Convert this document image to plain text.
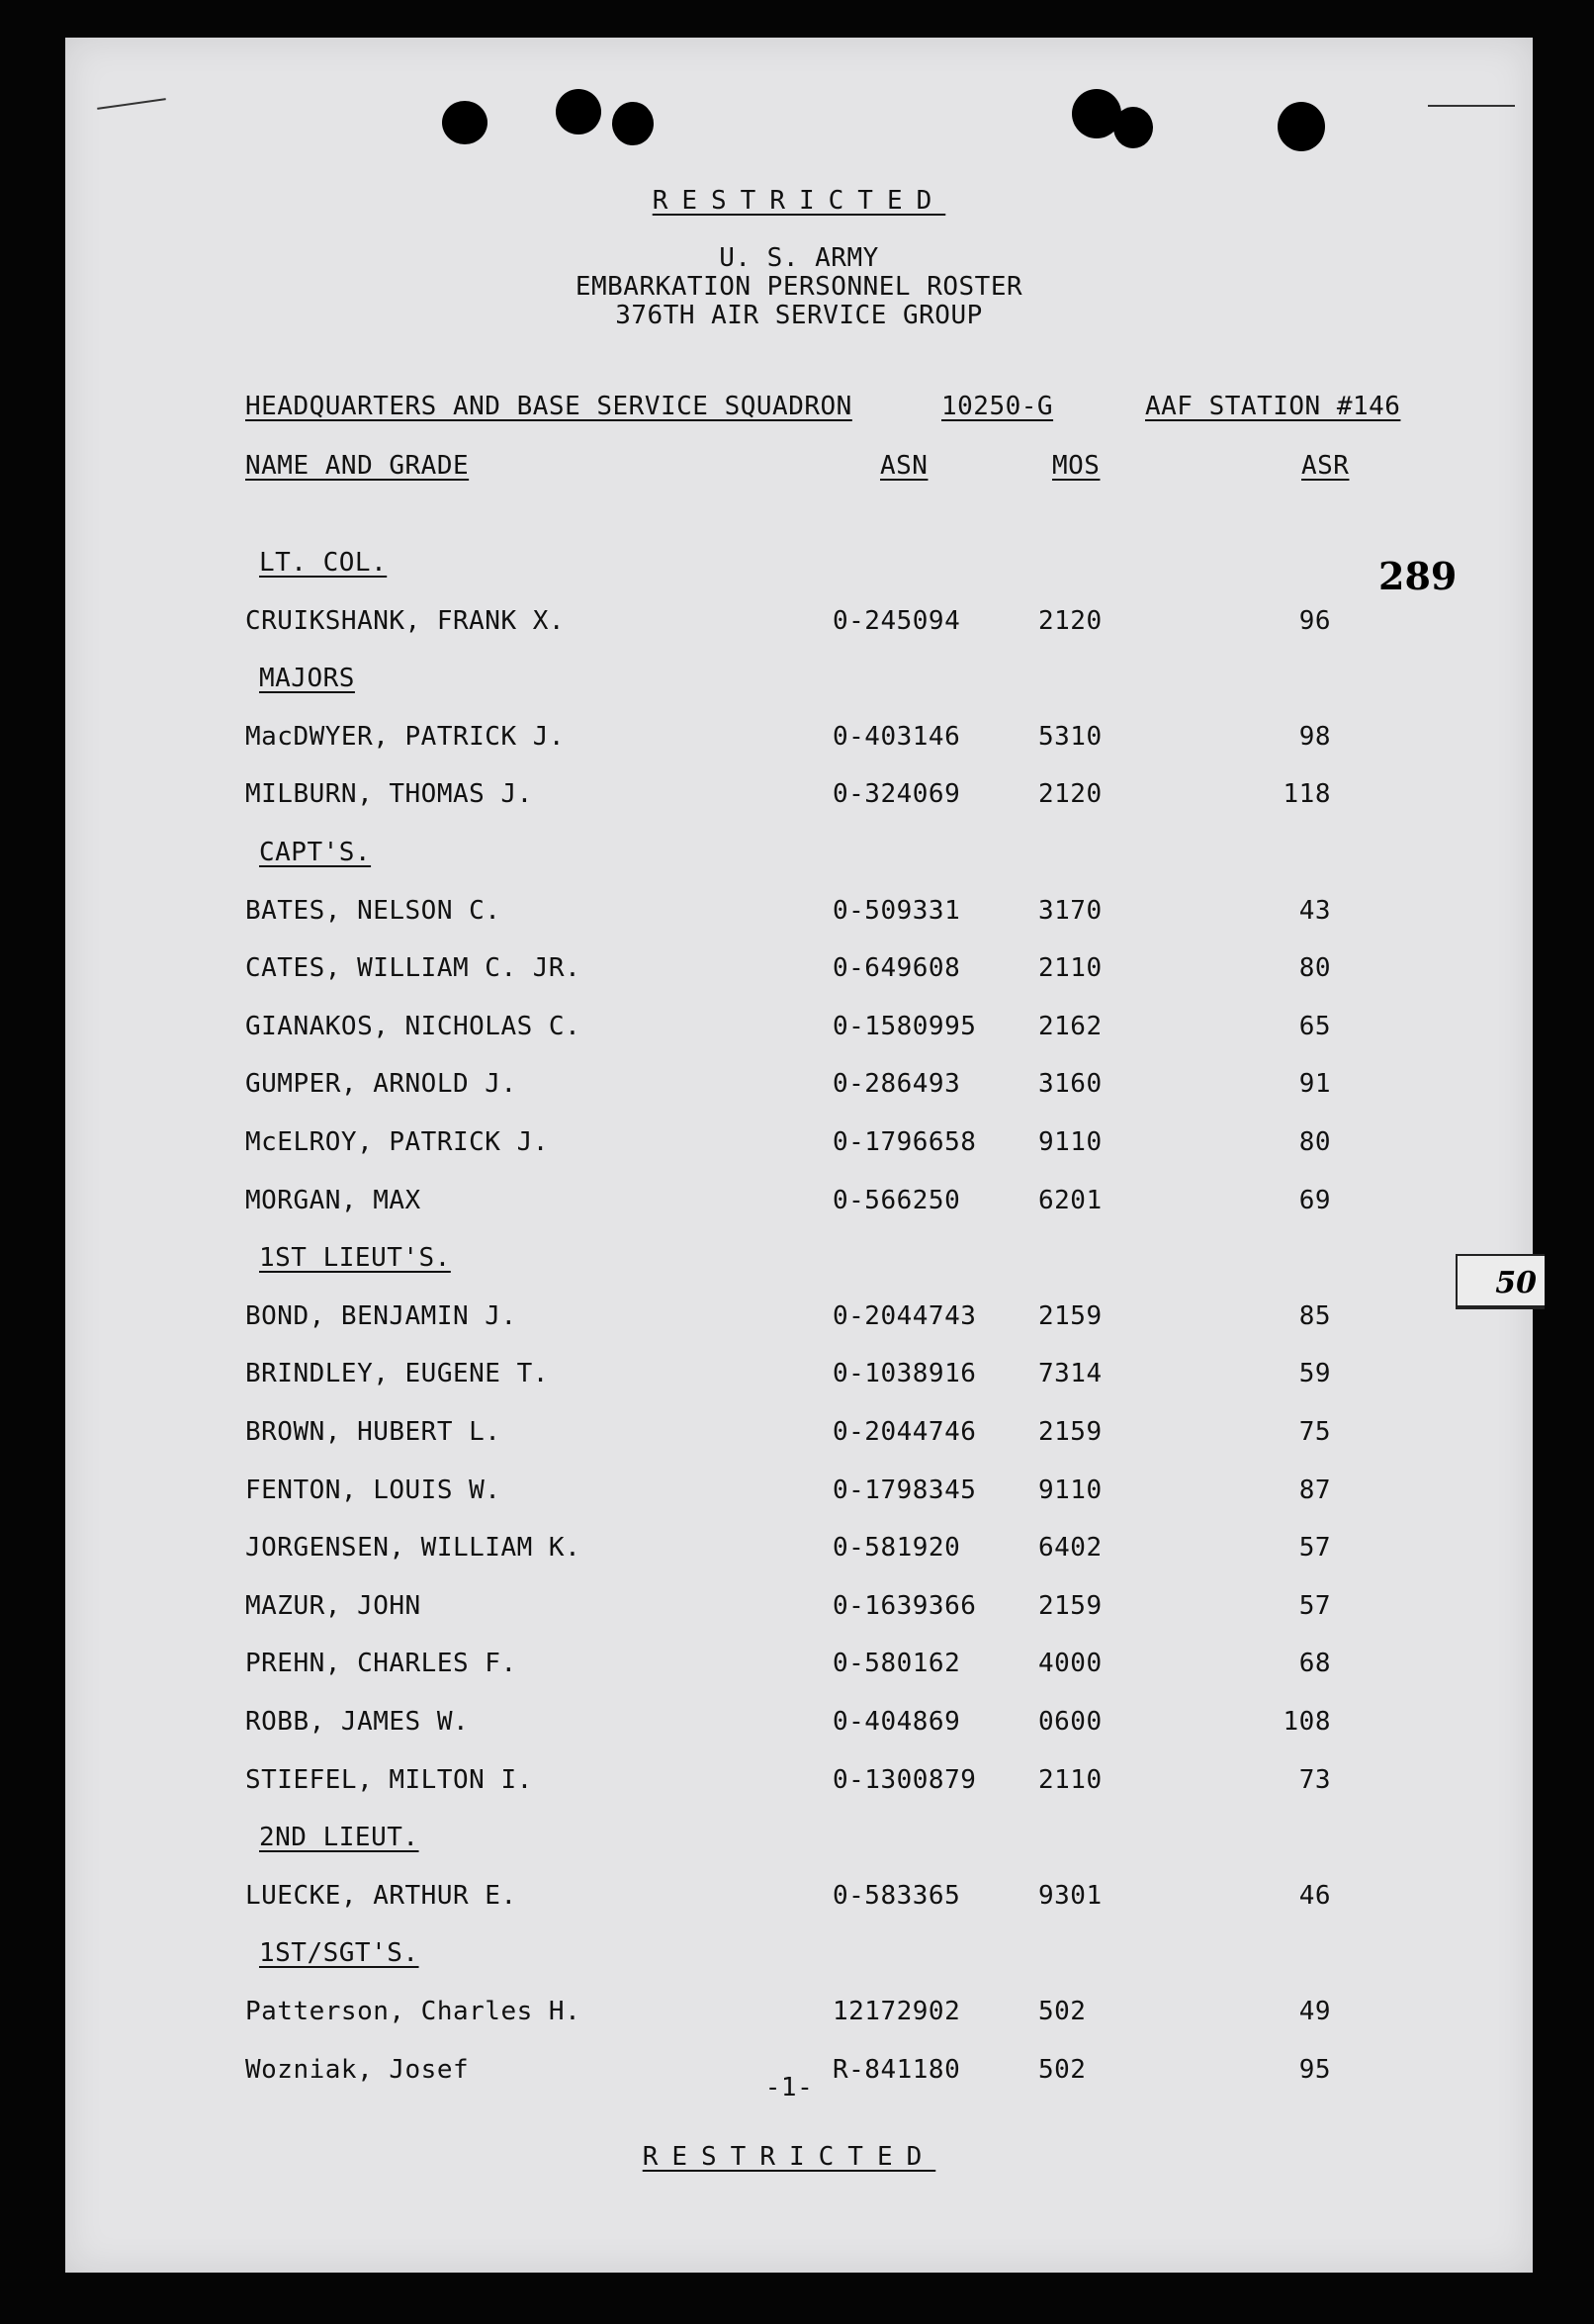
RESTRICTED
U. S. ARMY
EMBARKATION PERSONNEL ROSTER
376TH AIR SERVICE GROUP
HEADQUARTERS AND BASE SERVICE SQUADRON	10250-G	AAF STATION #146
NAME AND GRADE	ASN	MOS	ASR
289
-1-
RESTRICTED
LT. COL.
CRUIKSHANK, FRANK X.	0-245094	2120	96
MAJORS
MacDWYER, PATRICK J.	0-403146	5310	98
MILBURN, THOMAS J.	0-324069	2120	118
CAPT'S.
BATES, NELSON C.	0-509331	3170	43
CATES, WILLIAM C. JR.	0-649608	2110	80
GIANAKOS, NICHOLAS C.	0-1580995 2162	65
GUMPER, ARNOLD J.	0-286493	3160	91
McELROY, PATRICK J.	0-1796658 9110	80
MORGAN, MAX	0-566250	6201	69
1ST LIEUT'S.
BOND, BENJAMIN J.	0-2044743 2159	85
BRINDLEY, EUGENE T.	0-1038916 7314	59
BROWN, HUBERT L.	0-2044746 2159	75
FENTON, LOUIS W.	0-1798345 9110	87
JORGENSEN, WILLIAM K.	0-581920	6402	57
MAZUR, JOHN	0-1639366 2159	57
PREHN, CHARLES F.	0-580162	4000	68
ROBB, JAMES W.	0-404869	0600	108
STIEFEL, MILTON I.	0-1300879 2110	73
2ND LIEUT.
LUECKE, ARTHUR E.	0-583365	9301	46
1ST/SGT'S.
Patterson, Charles H.	12172902	502	49
Wozniak, Josef	R-841180	502	95
50
